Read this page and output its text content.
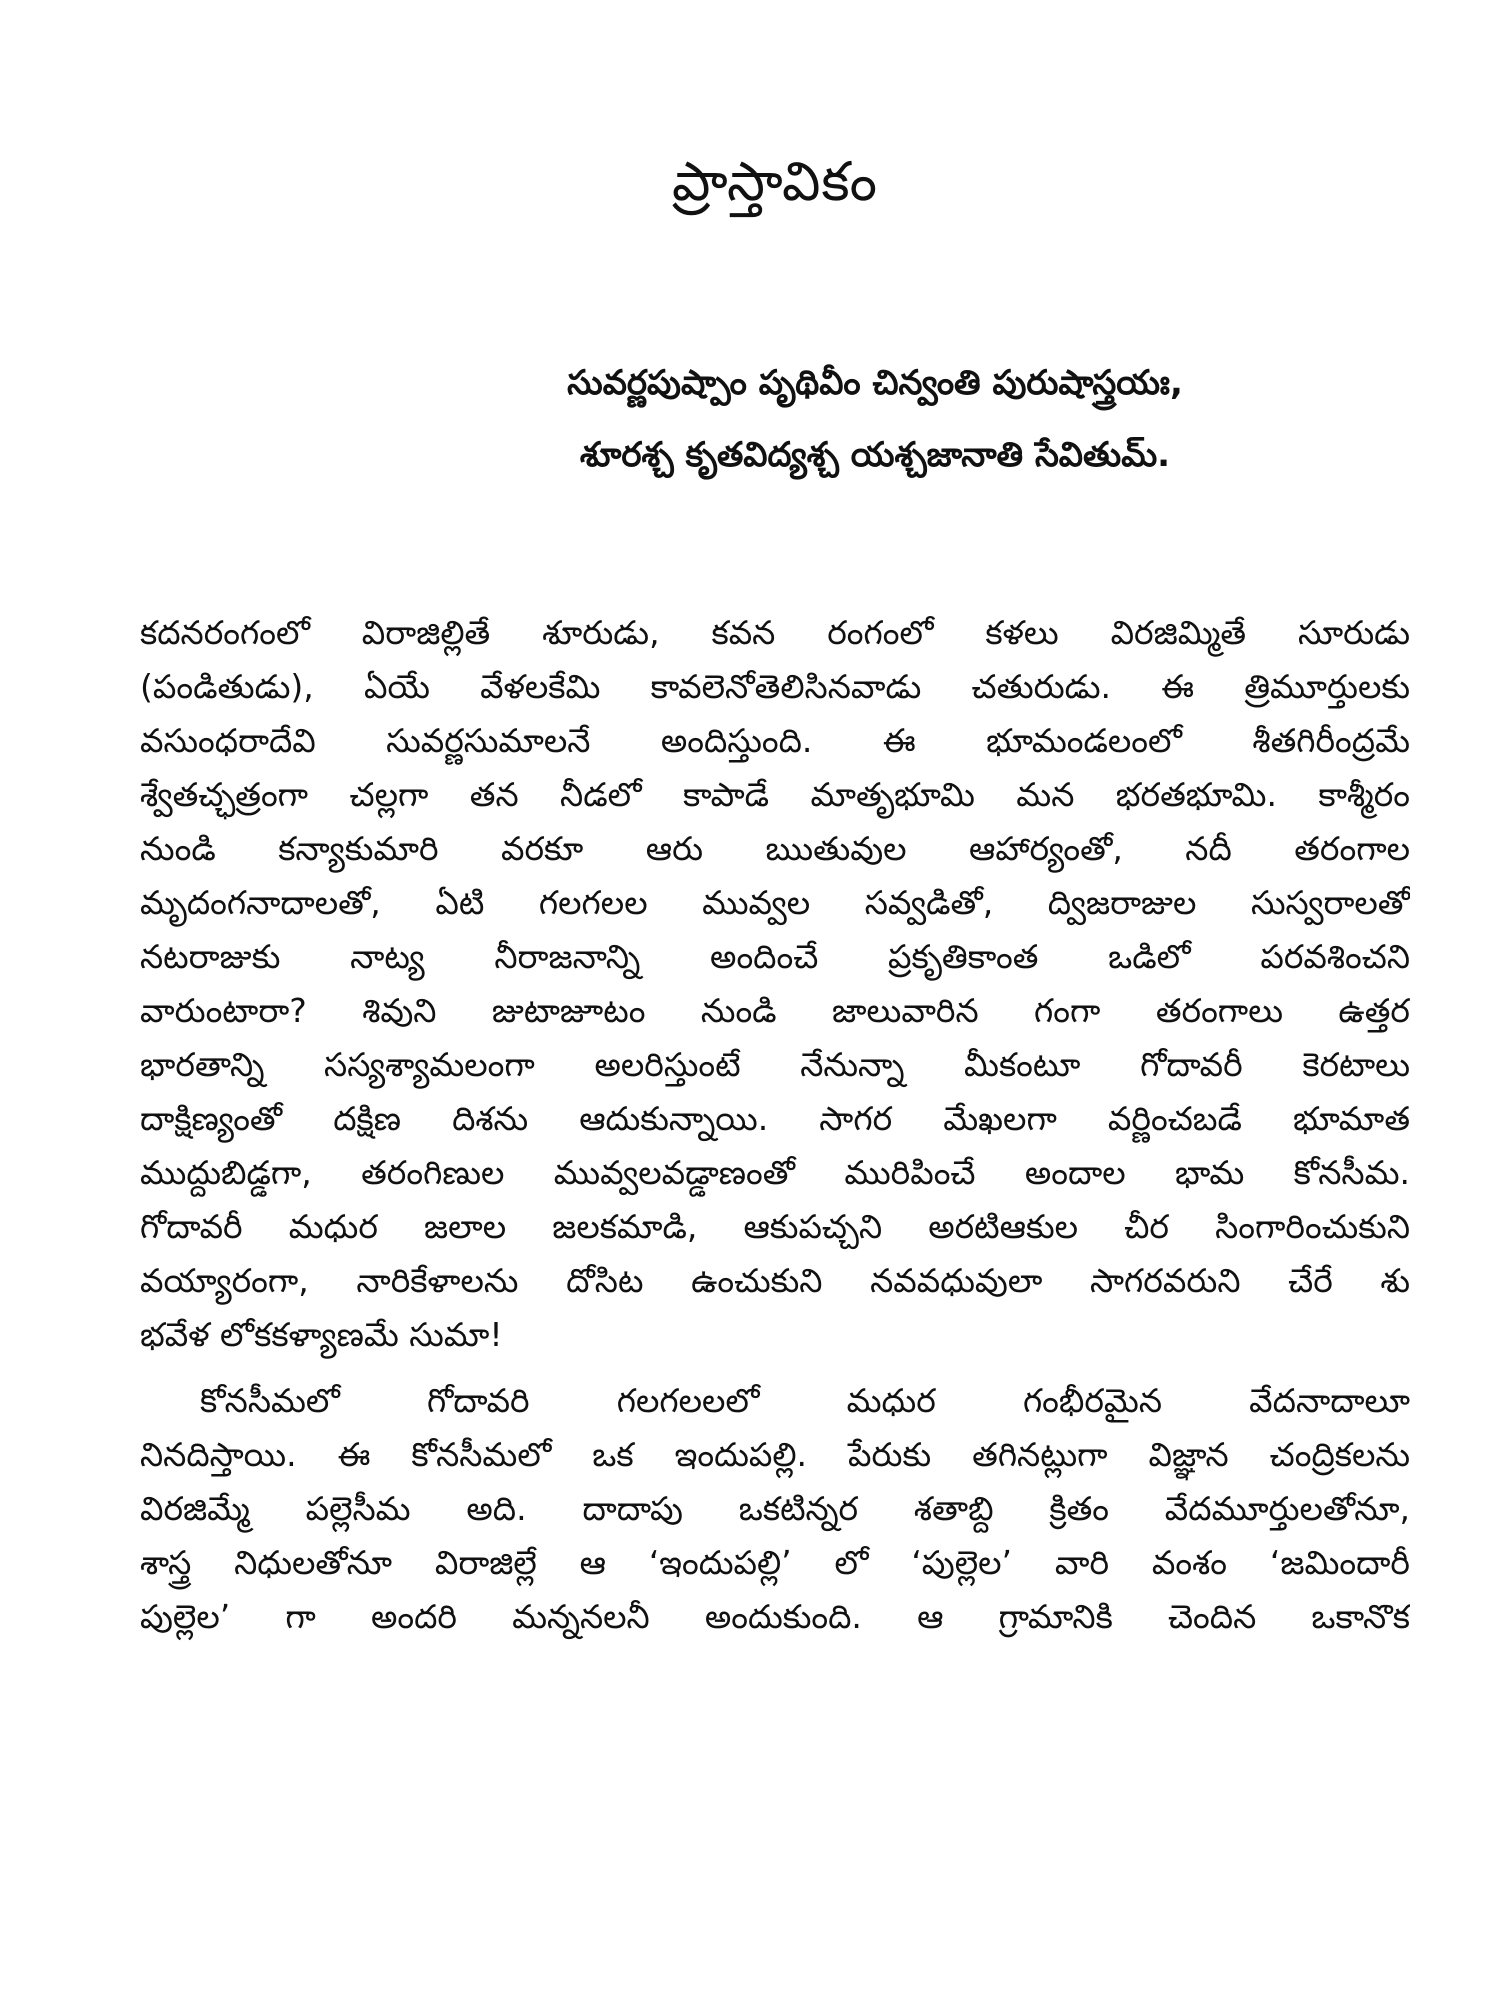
ప్రాస్తావికం
సువర్ణపుష్పాం పృథివీం చిన్వంతి పురుషాస్త్రయః,
శూరశ్చ కృతవిద్యశ్చ యశ్చజానాతి సేవితుమ్.
కదనరంగంలో విరాజిల్లితే శూరుడు, కవన రంగంలో కళలు విరజిమ్మితే సూరుడు
(పండితుడు), ఏయే వేళలకేమి కావలెనోతెలిసినవాడు చతురుడు. ఈ త్రిమూర్తులకు
వసుంధరాదేవి సువర్ణసుమాలనే అందిస్తుంది. ఈ భూమండలంలో శీతగిరీంద్రమే
శ్వేతచ్ఛత్రంగా చల్లగా తన నీడలో కాపాడే మాతృభూమి మన భరతభూమి. కాశ్మీరం
నుండి కన్యాకుమారి వరకూ ఆరు ఋతువుల ఆహార్యంతో, నదీ తరంగాల
మృదంగనాదాలతో, ఏటి గలగలల మువ్వల సవ్వడితో, ద్విజరాజుల సుస్వరాలతో
నటరాజుకు నాట్య నీరాజనాన్ని అందించే ప్రకృతికాంత ఒడిలో పరవశించని
వారుంటారా? శివుని జుటాజూటం నుండి జాలువారిన గంగా తరంగాలు ఉత్తర
భారతాన్ని సస్యశ్యామలంగా అలరిస్తుంటే నేనున్నా మీకంటూ గోదావరీ కెరటాలు
దాక్షిణ్యంతో దక్షిణ దిశను ఆదుకున్నాయి. సాగర మేఖలగా వర్ణించబడే భూమాత
ముద్దుబిడ్డగా, తరంగిణుల మువ్వలవడ్డాణంతో మురిపించే అందాల భామ కోనసీమ.
గోదావరీ మధుర జలాల జలకమాడి, ఆకుపచ్చని అరటిఆకుల చీర సింగారించుకుని
వయ్యారంగా, నారికేళాలను దోసిట ఉంచుకుని నవవధువులా సాగరవరుని చేరే శు
భవేళ లోకకళ్యాణమే సుమా!
కోనసీమలో గోదావరి గలగలలలో మధుర గంభీరమైన వేదనాదాలూ
నినదిస్తాయి. ఈ కోనసీమలో ఒక ఇందుపల్లి. పేరుకు తగినట్లుగా విజ్ఞాన చంద్రికలను
విరజిమ్మే పల్లెసీమ అది. దాదాపు ఒకటిన్నర శతాబ్ది క్రితం వేదమూర్తులతోనూ,
శాస్త్ర నిధులతోనూ విరాజిల్లే ఆ ‘ఇందుపల్లి’ లో ‘పుల్లెల’ వారి వంశం ‘జమిందారీ
పుల్లెల’ గా అందరి మన్ననలనీ అందుకుంది. ఆ గ్రామానికి చెందిన ఒకానొక
